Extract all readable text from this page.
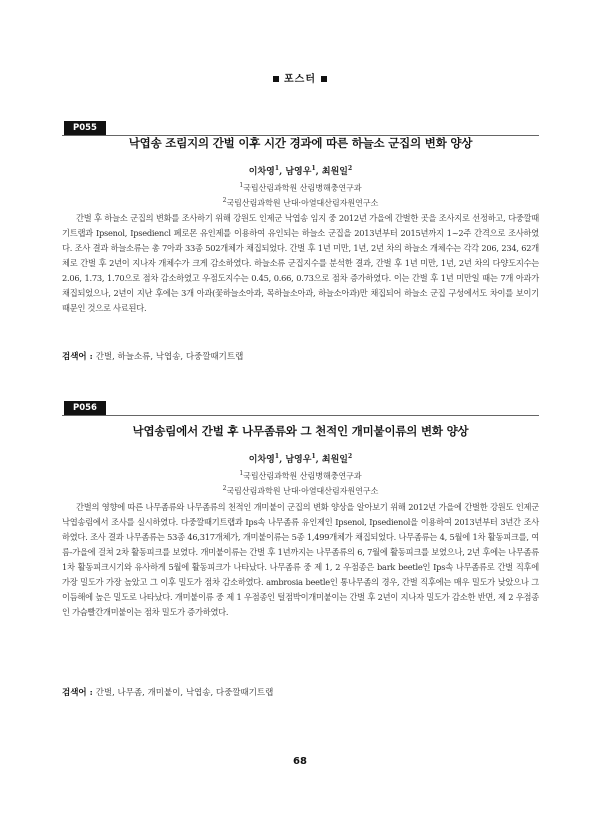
포스터
P055
낙엽송 조림지의 간벌 이후 시간 경과에 따른 하늘소 군집의 변화 양상
이차영$^1$, 남영우$^1$, 최원일$^2$
$^1$국립산림과학원 산림병해충연구과
$^2$국립산림과학원 난대·아열대산림자원연구소

간벌 후 하늘소 군집의 변화를 조사하기 위해 강원도 인제군 낙엽송 임지 중 2012년 가을에 간벌한 곳을 조사지로 선정하고, 다중깔때기트랩과 Ipsenol, Ipsediencl 페로몬 유인제를 이용하여 유인되는 하늘소 군집을 2013년부터 2015년까지 1~2주 간격으로 조사하였다. 조사 결과 하늘소류는 총 7아과 33종 502개체가 채집되었다. 간벌 후 1년 미만, 1년, 2년 차의 하늘소 개체수는 각각 206, 234, 62개체로 간벌 후 2년이 지나자 개체수가 크게 감소하였다. 하늘소류 군집지수를 분석한 결과, 간벌 후 1년 미만, 1년, 2년 차의 다양도지수는 2.06, 1.73, 1.70으로 점차 감소하였고 우점도지수는 0.45, 0.66, 0.73으로 점차 증가하였다. 이는 간벌 후 1년 미만일 때는 7개 아과가 채집되었으나, 2년이 지난 후에는 3개 아과(꽃하늘소아과, 목하늘소아과, 하늘소아과)만 채집되어 하늘소 군집 구성에서도 차이를 보이기 때문인 것으로 사료된다.

검색어 : 간벌, 하늘소류, 낙엽송, 다중깔때기트랩
P056
낙엽송림에서 간벌 후 나무좀류와 그 천적인 개미붙이류의 변화 양상
이차영$^1$, 남영우$^1$, 최원일$^2$
$^1$국립산림과학원 산림병해충연구과
$^2$국립산림과학원 난대·아열대산림자원연구소

간벌의 영향에 따른 나무좀류와 나무좀류의 천적인 개미붙이 군집의 변화 양상을 알아보기 위해 2012년 가을에 간벌한 강원도 인제군 낙엽송림에서 조사를 실시하였다. 다중깔때기트랩과 Ips속 나무좀류 유인제인 Ipsenol, Ipsedienol을 이용하여 2013년부터 3년간 조사하였다. 조사 결과 나무좀류는 53종 46,317개체가, 개미붙이류는 5종 1,499개체가 채집되었다. 나무좀류는 4, 5월에 1차 활동피크를, 여름-가을에 걸쳐 2차 활동피크를 보였다. 개미붙이류는 간벌 후 1년까지는 나무좀류의 6, 7월에 활동피크를 보였으나, 2년 후에는 나무좀류 1차 활동피크시기와 유사하게 5월에 활동피크가 나타났다. 나무좀류 중 제 1, 2 우점종은 bark beetle인 Ips속 나무좀류로 간벌 직후에 가장 밀도가 가장 높았고 그 이후 밀도가 점차 감소하였다. ambrosia beetle인 통나무좀의 경우, 간벌 직후에는 매우 밀도가 낮았으나 그 이듬해에 높은 밀도로 나타났다. 개미붙이류 중 제 1 우점종인 털점박이개미붙이는 간벌 후 2년이 지나자 밀도가 감소한 반면, 제 2 우점종인 가슴빨간개미붙이는 점차 밀도가 증가하였다.

검색어 : 간벌, 나무좀, 개미붙이, 낙엽송, 다중깔때기트랩
68
